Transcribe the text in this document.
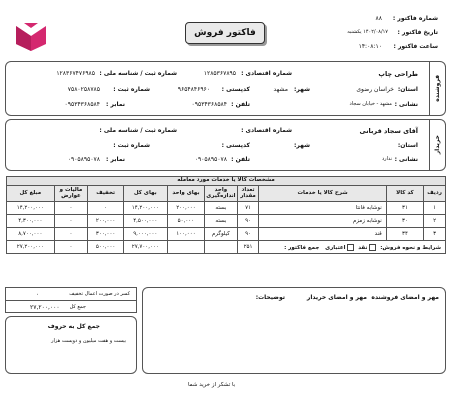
فاکتور فروش
شماره فاکتور :
۸۸
تاریخ فاکتور :
۱۴۰۲/۰۸/۱۷ یکشنبه
ساعت فاکتور :
۱۴:۰۸:۱۰
فروشنده
طراحی چاپ
شماره اقتصادی :
۱۲۸۵۳۶۷۸۹۵
شماره ثبت / شناسه ملی :
۱۲۸۳۶۷۴۷۶۹۸۵
استان:
خراسان رضوی
شهر:
مشهد
کدپستی :
۹۶۵۴۸۴۶۹۶۰
شماره ثبت :
۷۵۸۰۲۵۸۷۸۵
نشانی :
مشهد - خیابان سجاد
تلفن :
۰۹۵۳۴۳۶۸۵۸۴
نمابر :
۰۹۵۳۴۳۶۸۵۸۴
خریدار
آقای سجاد قربانی
شماره اقتصادی :
شماره ثبت / شناسه ملی :
استان:
شهر:
کدپستی :
شماره ثبت :
نشانی :
ندارد
تلفن :
۰۹۰۵۸۹۵۰۷۸
نمابر :
۰۹۰۵۸۹۵۰۷۸
مشخصات کالا یا خدمات مورد معامله									
ردیف	کد کالا	شرح کالا یا خدمات	تعداد مقدار	واحد اندازه‌گیری	بهای واحد	بهای کل	تخفیف	مالیات و عوارض	مبلغ کل
۱	۳۱	نوشابه فانتا	۷۱	بسته	۲۰۰,۰۰۰	۱۴,۲۰۰,۰۰۰	۰	۰	۱۴,۲۰۰,۰۰۰
۲	۳۰	نوشابه زمزم	۹۰	بسته	۵۰,۰۰۰	۴,۵۰۰,۰۰۰	۲۰۰,۰۰۰	۰	۴,۳۰۰,۰۰۰
۳	۳۴	قند	۹۰	کیلوگرم	۱۰۰,۰۰۰	۹,۰۰۰,۰۰۰	۳۰۰,۰۰۰	۰	۸,۷۰۰,۰۰۰
شرایط و نحوه فروش:   نقد   اعتباری   جمع فاکتور :			۲۵۱			۲۷,۷۰۰,۰۰۰	۵۰۰,۰۰۰	۰	۲۷,۲۰۰,۰۰۰
کسر در صورت اعمال تخفیف
۰
جمع کل
۲۷,۲۰۰,۰۰۰
مهر و امضای فروشنده
مهر و امضای خریدار
توضیحات:
جمع کل به حروف
بیست و هفت میلیون و دویست هزار
با تشکر از خرید شما
